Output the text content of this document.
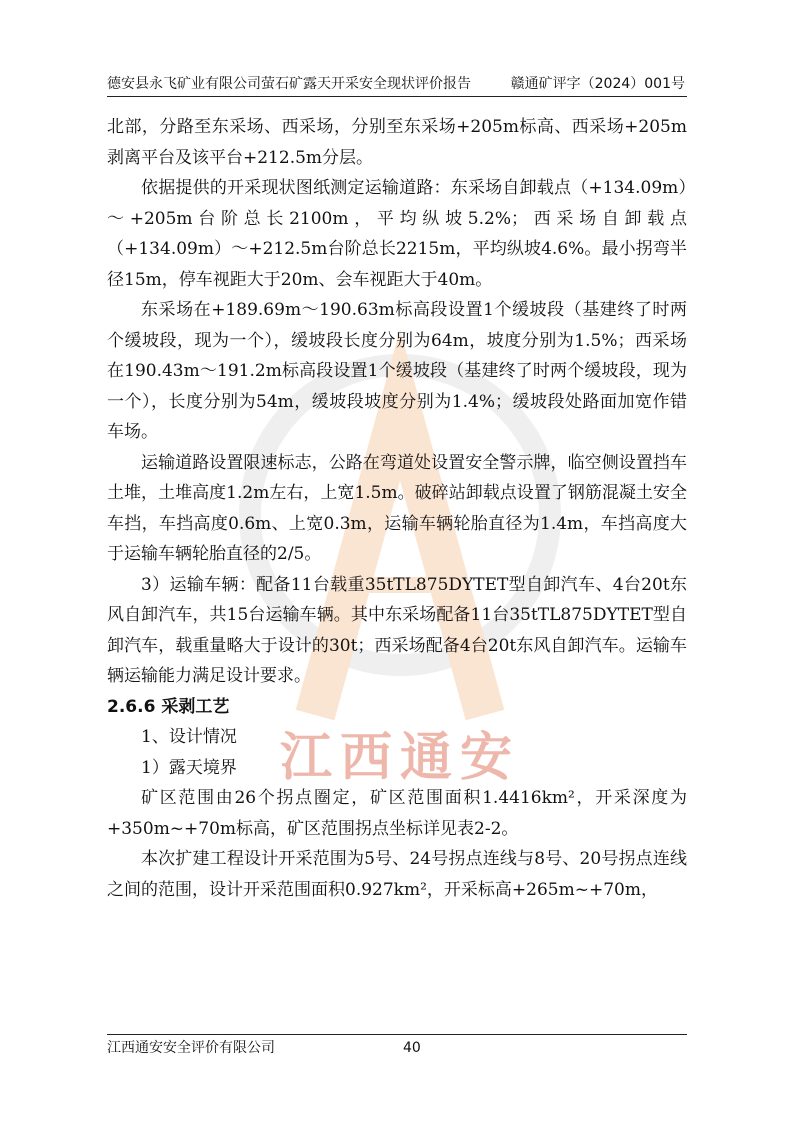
德安县永飞矿业有限公司萤石矿露天开采安全现状评价报告	赣通矿评字（2024）001号
江西通安

北部，分路至东采场、西采场，分别至东采场+205m标高、西采场+205m剥离平台及该平台+212.5m分层。

依据提供的开采现状图纸测定运输道路：东采场自卸载点（+134.09m）～+205m台阶总长2100m，平均纵坡5.2%；西采场自卸载点（+134.09m）～+212.5m台阶总长2215m，平均纵坡4.6%。最小拐弯半径15m，停车视距大于20m、会车视距大于40m。

东采场在+189.69m～190.63m标高段设置1个缓坡段（基建终了时两个缓坡段，现为一个），缓坡段长度分别为64m，坡度分别为1.5%；西采场在190.43m～191.2m标高段设置1个缓坡段（基建终了时两个缓坡段，现为一个），长度分别为54m，缓坡段坡度分别为1.4%；缓坡段处路面加宽作错车场。

运输道路设置限速标志，公路在弯道处设置安全警示牌，临空侧设置挡车土堆，土堆高度1.2m左右，上宽1.5m。破碎站卸载点设置了钢筋混凝土安全车挡，车挡高度0.6m、上宽0.3m，运输车辆轮胎直径为1.4m，车挡高度大于运输车辆轮胎直径的2/5。

3）运输车辆：配备11台载重35tTL875DYTET型自卸汽车、4台20t东风自卸汽车，共15台运输车辆。其中东采场配备11台35tTL875DYTET型自卸汽车，载重量略大于设计的30t；西采场配备4台20t东风自卸汽车。运输车辆运输能力满足设计要求。

2.6.6 采剥工艺

1、设计情况

1）露天境界

矿区范围由26个拐点圈定，矿区范围面积1.4416km²，开采深度为+350m~+70m标高，矿区范围拐点坐标详见表2-2。

本次扩建工程设计开采范围为5号、24号拐点连线与8号、20号拐点连线之间的范围，设计开采范围面积0.927km²，开采标高+265m~+70m，

江西通安安全评价有限公司	40
